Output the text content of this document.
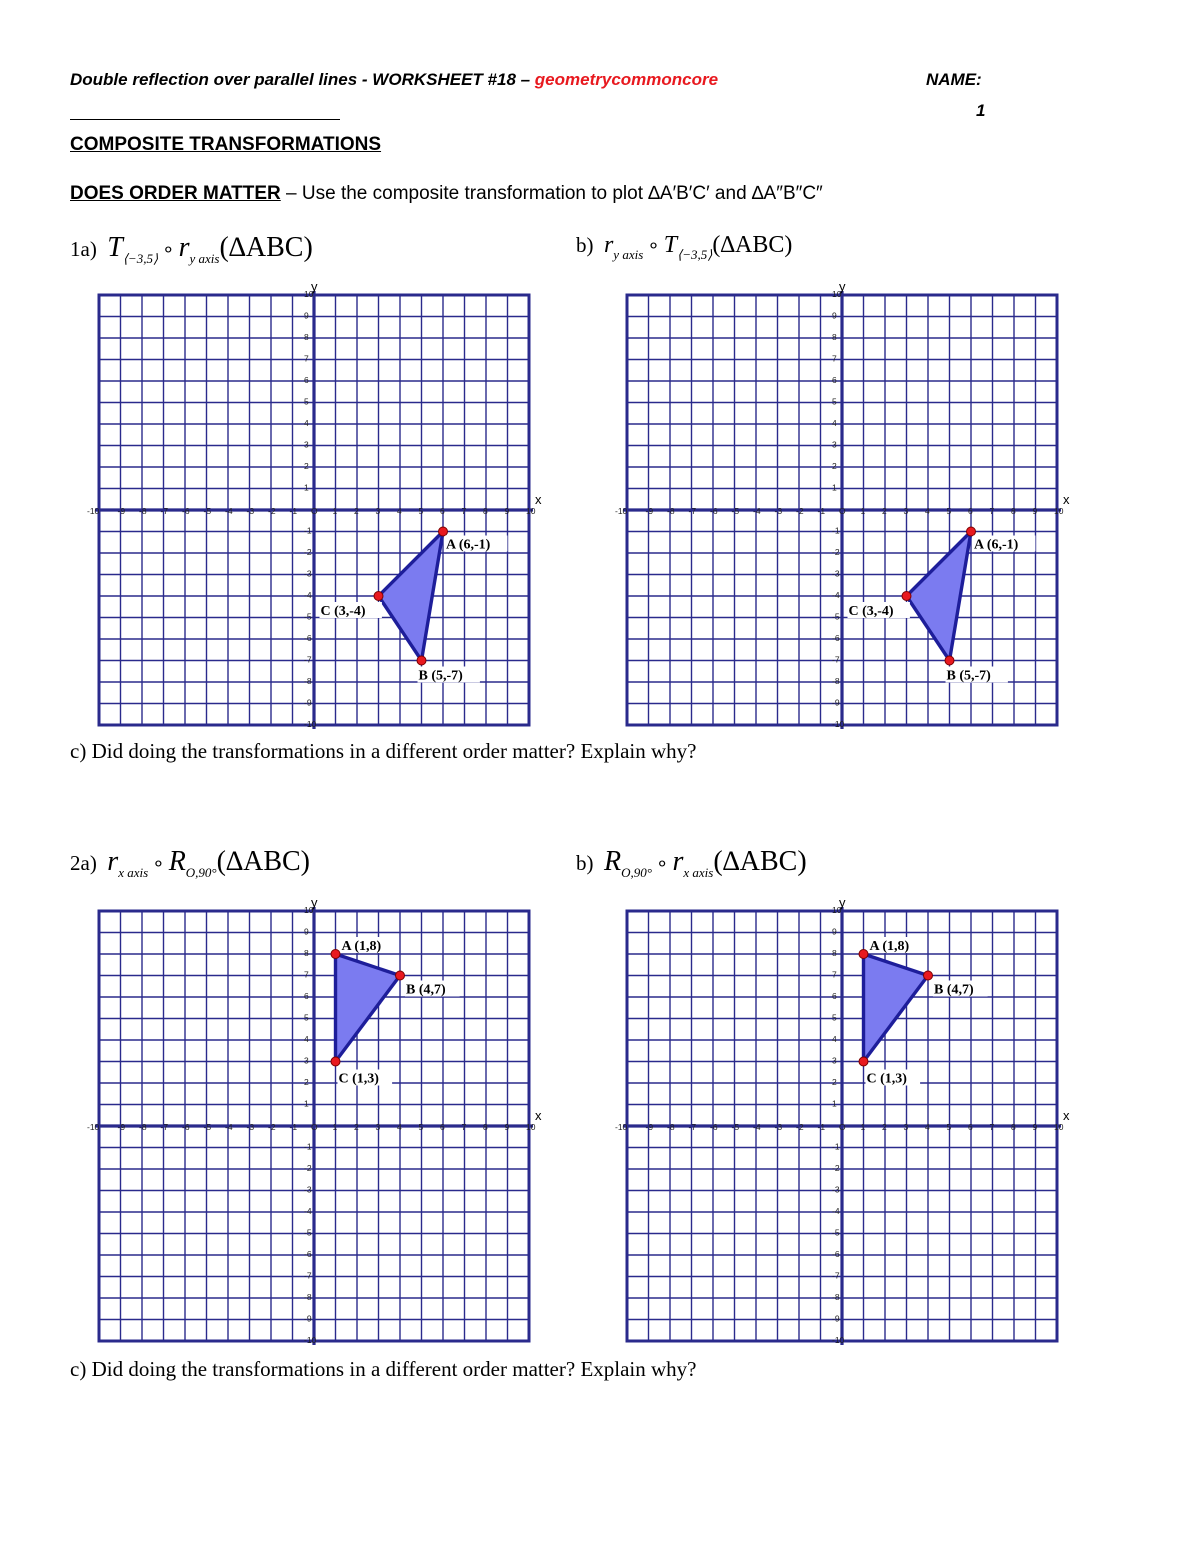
Double reflection over parallel lines - WORKSHEET #18 – geometrycommoncore	NAME:
1
COMPOSITE TRANSFORMATIONS
DOES ORDER MATTER – Use the composite transformation to plot ∆A′B′C′ and ∆A″B″C″
1a) $T_{⟨-3,5⟩}$ ∘ $r_{y axis}(\Delta ABC)$	b) $r_{y axis}$ ∘ $T_{⟨-3,5⟩}(\Delta ABC)$
x
y
-10
-10
-9
-9
-8
-8
-7
-7
-6
-6
-5
-5
-4
-4
-3
-3
-2
-2
-1
-1
O 1
1
2
2
3
3
4
4
5
5
6
6
7
7
8
8
9
9
10
10
A (6,-1)
C (3,-4)
B (5,-7)
x
y
-10
-10
-9
-9
-8
-8
-7
-7
-6
-6
-5
-5
-4
-4
-3
-3
-2
-2
-1
-1
O 1
1
2
2
3
3
4
4
5
5
6
6
7
7
8
8
9
9
10
10
A (6,-1)
C (3,-4)
B (5,-7)
c) Did doing the transformations in a different order matter? Explain why?
2a) $r_{x axis}$ ∘ $R_{O,90^\circ}(\Delta ABC)$	b) $R_{O,90^\circ}$ ∘ $r_{x axis}(\Delta ABC)$
x
y
-10
-10
-9
-9
-8
-8
-7
-7
-6
-6
-5
-5
-4
-4
-3
-3
-2
-2
-1
-1
O 1
1
2
2
3
3
4
4
5
5
6
6
7
7
8
8
9
9
10
10
A (1,8)
B (4,7)
C (1,3)
x
y
-10
-10
-9
-9
-8
-8
-7
-7
-6
-6
-5
-5
-4
-4
-3
-3
-2
-2
-1
-1
O 1
1
2
2
3
3
4
4
5
5
6
6
7
7
8
8
9
9
10
10
A (1,8)
B (4,7)
C (1,3)
c) Did doing the transformations in a different order matter? Explain why?
